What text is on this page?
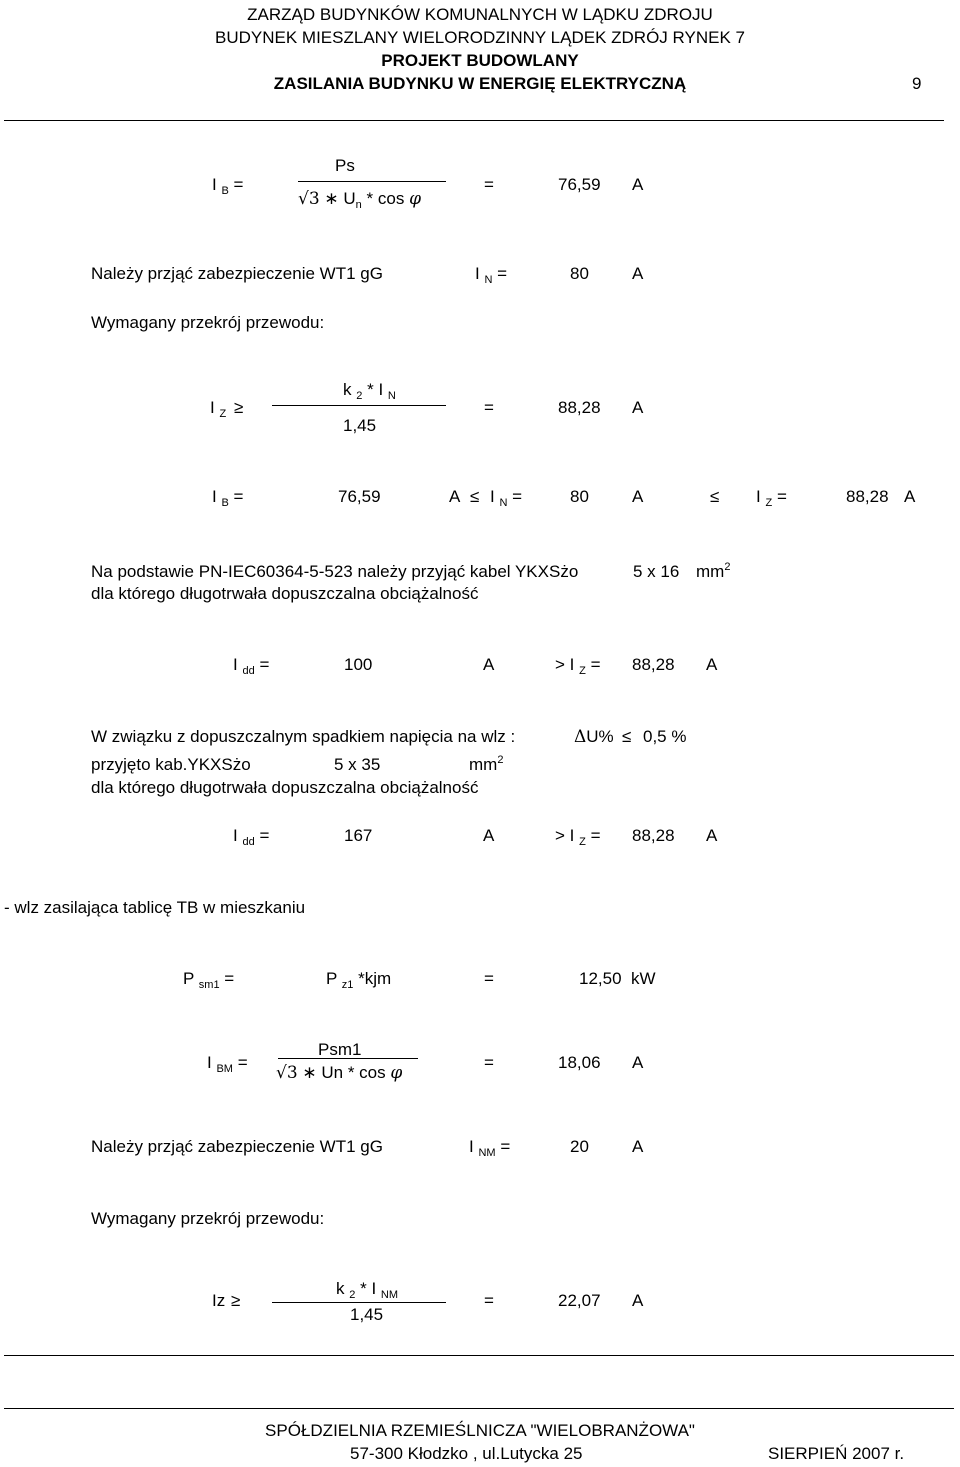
ZARZĄD BUDYNKÓW KOMUNALNYCH W LĄDKU ZDROJU
BUDYNEK MIESZLANY WIELORODZINNY LĄDEK ZDRÓJ RYNEK 7
PROJEKT BUDOWLANY
ZASILANIA BUDYNKU W ENERGIĘ ELEKTRYCZNĄ	9
I $_B$ =
Ps
√3 ∗ $U_n$ * cos φ
=	76,59 A
Należy przjąć zabezpieczenie WT1 gG	I $_N$ =	80	A
Wymagany przekrój przewodu:
I $_Z$ ≥
k $_2$ * I $_N$
1,45
=	88,28 A
I $_B$ =	76,59	A ≤ I $_N$ =	80	A	≤ I $_Z$ =	88,28 A
Na podstawie PN-IEC60364-5-523 należy przyjąć kabel YKXSżo	5 x 16 $mm^2$
dla którego długotrwała dopuszczalna obciążalność
I $_{dd}$ =	100	A	> I $_Z$ = 88,28 A
W związku z dopuszczalnym spadkiem napięcia na wlz :	ΔU% ≤ 0,5 %
przyjęto kab.YKXSżo	5 x 35	$mm^2$
dla którego długotrwała dopuszczalna obciążalność
I $_{dd}$ =	167	A	> I $_Z$ = 88,28 A
- wlz zasilająca tablicę TB w mieszkaniu
P $_{sm1}$ =	P $_{z1}$ *kjm	=	12,50 kW
I $_{BM}$ =
Psm1
√3 ∗ Un * cos φ
=	18,06 A
Należy przjąć zabezpieczenie WT1 gG	I $_{NM}$ =	20	A
Wymagany przekrój przewodu:
Iz ≥
k $_2$ * I $_{NM}$
1,45
=	22,07 A
SPÓŁDZIELNIA RZEMIEŚLNICZA "WIELOBRANŻOWA"
57-300 Kłodzko , ul.Lutycka 25	SIERPIEŃ 2007 r.
